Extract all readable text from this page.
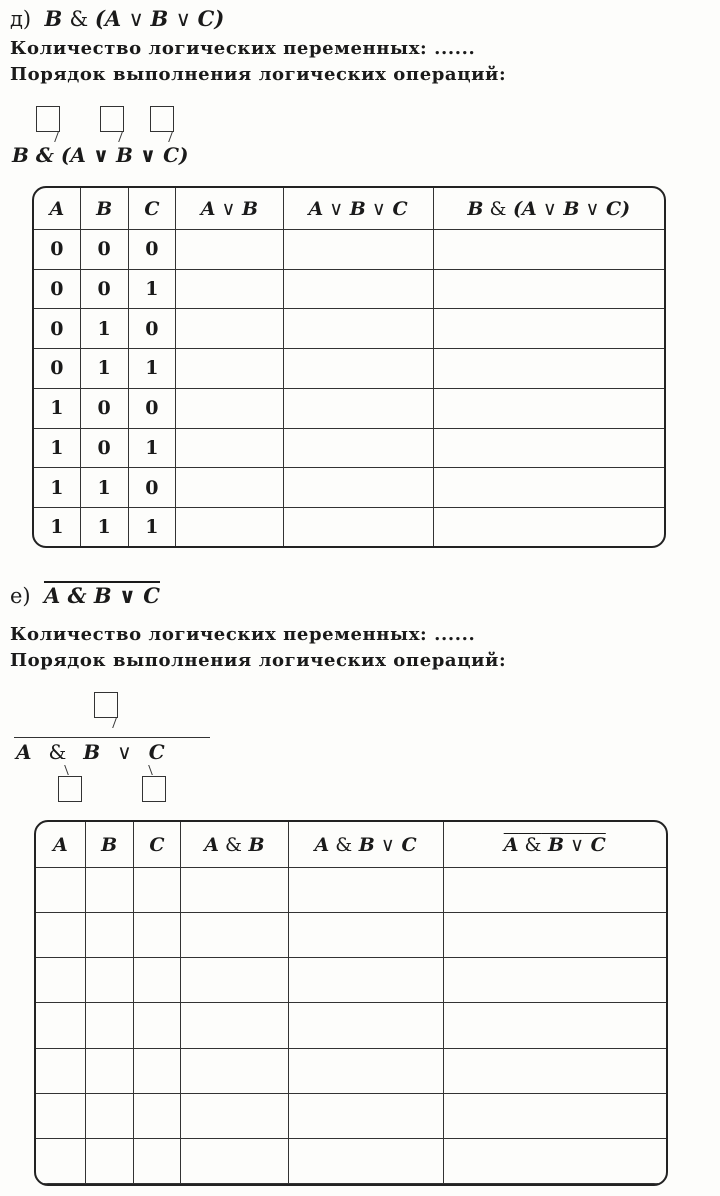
д) B & (A ∨ B ∨ C)
Количество логических переменных: ......
Порядок выполнения логических операций:
B & (A ∨ B ∨ C)
A	B	C	A ∨ B	A ∨ B ∨ C	B & (A ∨ B ∨ C)
0	0	0			
0	0	1			
0	1	0			
0	1	1			
1	0	0			
1	0	1			
1	1	0			
1	1	1			
е) A & B ∨ C
Количество логических переменных: ......
Порядок выполнения логических операций:
A & B ∨ C
A	B	C	A & B	A & B ∨ C	A & B ∨ C
